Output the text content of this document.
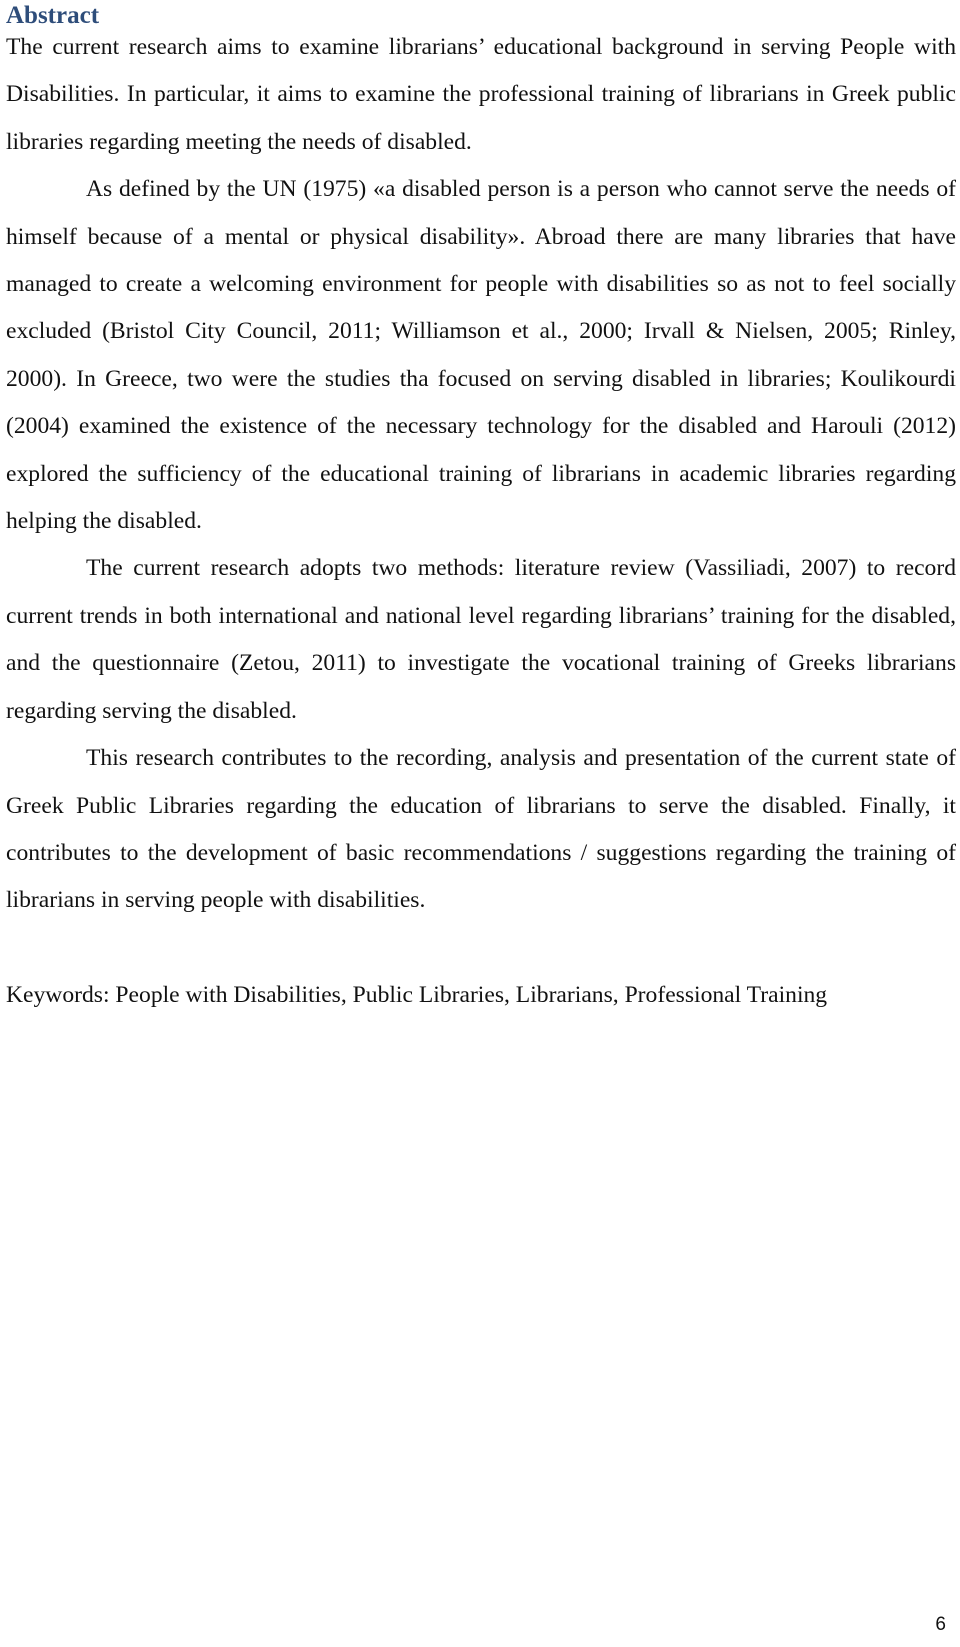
Abstract

The current research aims to examine librarians’ educational background in serving People with Disabilities. In particular, it aims to examine the professional training of librarians in Greek public libraries regarding meeting the needs of disabled.

As defined by the UN (1975) «a disabled person is a person who cannot serve the needs of himself because of a mental or physical disability». Abroad there are many libraries that have managed to create a welcoming environment for people with disabilities so as not to feel socially excluded (Bristol City Council, 2011; Williamson et al., 2000; Irvall & Nielsen, 2005; Rinley, 2000). In Greece, two were the studies tha focused on serving disabled in libraries; Koulikourdi (2004) examined the existence of the necessary technology for the disabled and Harouli (2012) explored the sufficiency of the educational training of librarians in academic libraries regarding helping the disabled.

The current research adopts two methods: literature review (Vassiliadi, 2007) to record current trends in both international and national level regarding librarians’ training for the disabled, and the questionnaire (Zetou, 2011) to investigate the vocational training of Greeks librarians regarding serving the disabled.

This research contributes to the recording, analysis and presentation of the current state of Greek Public Libraries regarding the education of librarians to serve the disabled. Finally, it contributes to the development of basic recommendations / suggestions regarding the training of librarians in serving people with disabilities.

Keywords: People with Disabilities, Public Libraries, Librarians, Professional Training

6
